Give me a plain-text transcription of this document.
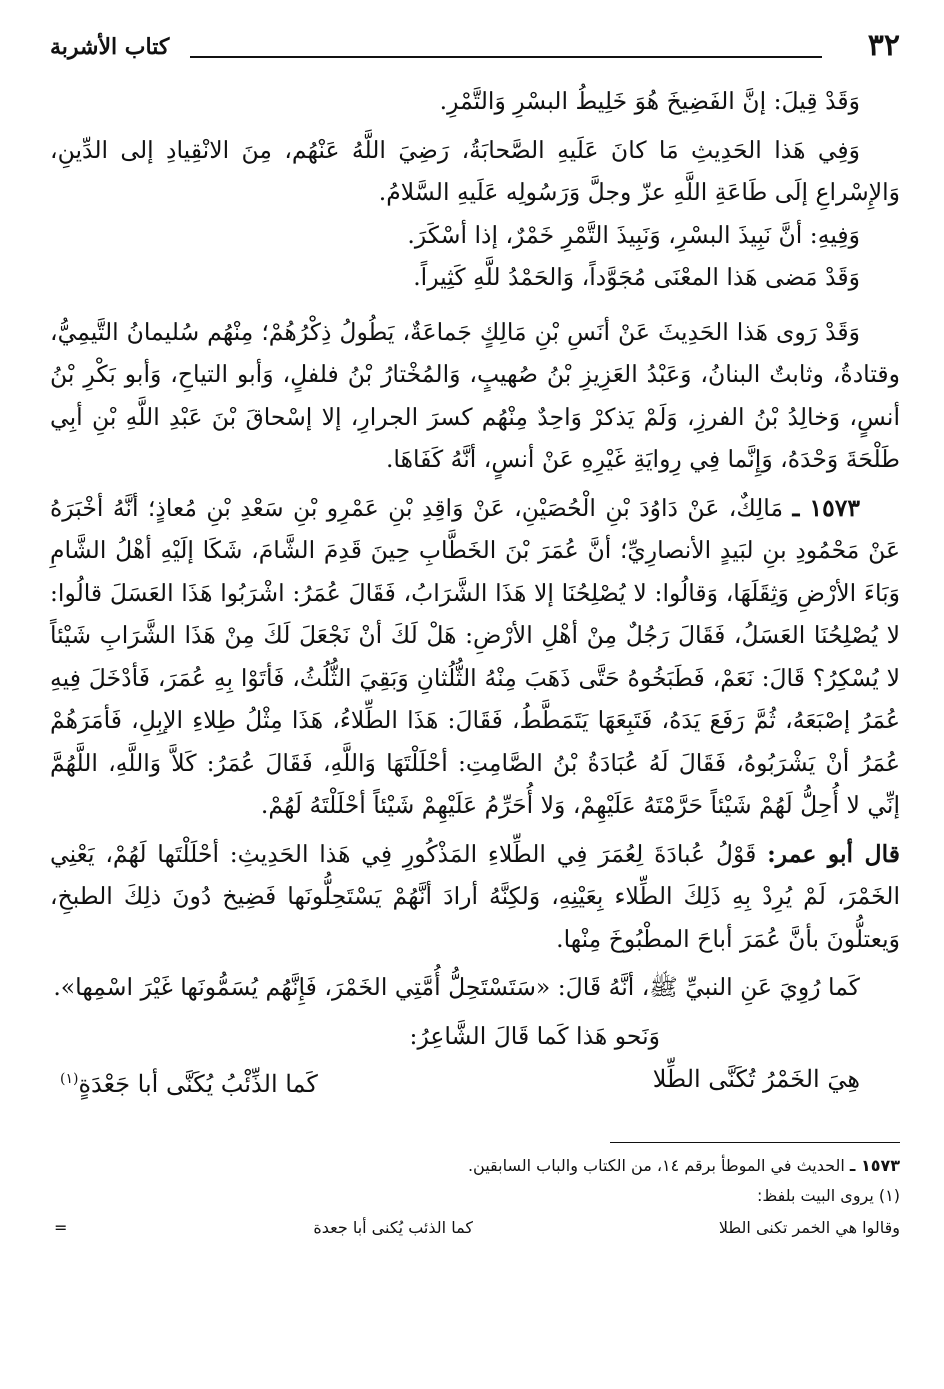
٣٢
كتاب الأشربة

وَقَدْ قِيلَ: إنَّ الفَضِيخَ هُوَ خَلِيطُ البسْرِ وَالتَّمْرِ.

وَفِي هَذا الحَدِيثِ مَا كانَ عَلَيهِ الصَّحابَةُ، رَضِيَ اللَّهُ عَنْهُم، مِنَ الانْقِيادِ إلى الدِّينِ، وَالإِسْراعِ إلَى طَاعَةِ اللَّهِ عزّ وجلَّ وَرَسُولِه عَلَيهِ السَّلامُ.

وَفِيهِ: أنَّ نَبِيذَ البسْرِ، وَنَبِيذَ التَّمْرِ خَمْرٌ، إذا أسْكَرَ.

وَقَدْ مَضى هَذا المعْنَى مُجَوَّداً، وَالحَمْدُ للَّهِ كَثِيراً.

وَقَدْ رَوى هَذا الحَدِيثَ عَنْ أنَسِ بْنِ مَالِكٍ جَماعَةٌ، يَطُولُ ذِكْرُهُمْ؛ مِنْهُم سُليمانُ التَّيمِيُّ، وقتادةُ، وثابتٌ البنانُ، وَعَبْدُ العَزِيزِ بْنُ صُهيبٍ، وَالمُخْتارُ بْنُ فلفلٍ، وَأبو التياحِ، وَأبو بَكْرِ بْنُ أنسٍ، وَخالِدُ بْنُ الفرزِ، وَلَمْ يَذكرْ وَاحِدٌ مِنْهُم كسرَ الجرارِ، إلا إسْحاقَ بْنَ عَبْدِ اللَّهِ بْنِ أبِي طَلْحَةَ وَحْدَهُ، وَإِنَّما فِي رِوايَةِ غَيْرِهِ عَنْ أنسٍ، أنَّهُ كَفَاهَا.

١٥٧٣ ـ مَالِكٌ، عَنْ دَاوُدَ بْنِ الْحُصَيْنِ، عَنْ وَاقِدِ بْنِ عَمْرِو بْنِ سَعْدِ بْنِ مُعاذٍ؛ أنَّهُ أخْبَرَهُ عَنْ مَحْمُودِ بنِ لبَيدٍ الأنصارِيِّ؛ أنَّ عُمَرَ بْنَ الخَطَّابِ حِينَ قَدِمَ الشَّامَ، شَكَا إلَيْهِ أهْلُ الشَّامِ وَبَاءَ الأرْضِ وَثِقَلَهَا، وَقالُوا: لا يُصْلِحُنَا إلا هَذَا الشَّرَابُ، فَقَالَ عُمَرُ: اشْرَبُوا هَذَا العَسَلَ قالُوا: لا يُصْلِحُنَا العَسَلُ، فَقَالَ رَجُلٌ مِنْ أهْلِ الأرْضِ: هَلْ لَكَ أنْ نَجْعَلَ لَكَ مِنْ هَذَا الشَّرَابِ شَيْئاً لا يُسْكِرُ؟ قَالَ: نَعَمْ، فَطَبَخُوهُ حَتَّى ذَهَبَ مِنْهُ الثُّلُثانِ وَبَقِيَ الثُّلُثُ، فَأتَوْا بِهِ عُمَرَ، فَأدْخَلَ فِيهِ عُمَرُ إصْبَعَهُ، ثُمَّ رَفَعَ يَدَهُ، فَتَبِعَهَا يَتَمَطَّطُ، فَقَالَ: هَذَا الطِّلاءُ، هَذَا مِثْلُ طِلاءِ الإبِلِ، فَأمَرَهُمْ عُمَرُ أنْ يَشْرَبُوهُ، فَقَالَ لَهُ عُبَادَةُ بْنُ الصَّامِتِ: أحْلَلْتَهَا وَاللَّهِ، فَقَالَ عُمَرُ: كَلاَّ وَاللَّهِ، اللَّهُمَّ إنِّي لا أُحِلُّ لَهُمْ شَيْئاً حَرَّمْتَهُ عَلَيْهِمْ، وَلا أُحَرِّمُ عَلَيْهِمْ شَيْئاً أحْلَلْتَهُ لَهُمْ.

قال أبو عمر: قَوْلُ عُبادَةَ لِعُمَرَ فِي الطِّلاءِ المَذْكُورِ فِي هَذا الحَدِيثِ: أحْلَلْتَها لَهُمْ، يَعْنِي الخَمْرَ، لَمْ يُرِدْ بِهِ ذَلِكَ الطِّلاء بِعَيْنِهِ، وَلكِنَّهُ أرادَ أنَّهُمْ يَسْتَحِلُّونَها فَضِيخ دُونَ ذلِكَ الطبخِ، وَيعتلُّونَ بأنَّ عُمَرَ أباحَ المطْبُوخَ مِنْها.

كَما رُوِيَ عَنِ النبيِّ ﷺ، أنَّهُ قَالَ: «سَتَسْتَحِلُّ أُمَّتِي الخَمْرَ، فَإِنَّهُم يُسَمُّونَها غَيْرَ اسْمِها».

وَنَحو هَذا كَما قَالَ الشَّاعِرُ:

هِيَ الخَمْرُ تُكَنَّى الطِّلا
كَما الذِّئْبُ يُكَنَّى أبا جَعْدَةٍ$^{(١)}$

١٥٧٣ ـ الحديث في الموطأ برقم ١٤، من الكتاب والباب السابقين.

(١) يروى البيت بلفظ:

وقالوا هي الخمر تكنى الطلا
كما الذئب يُكنى أبا جعدة
=
